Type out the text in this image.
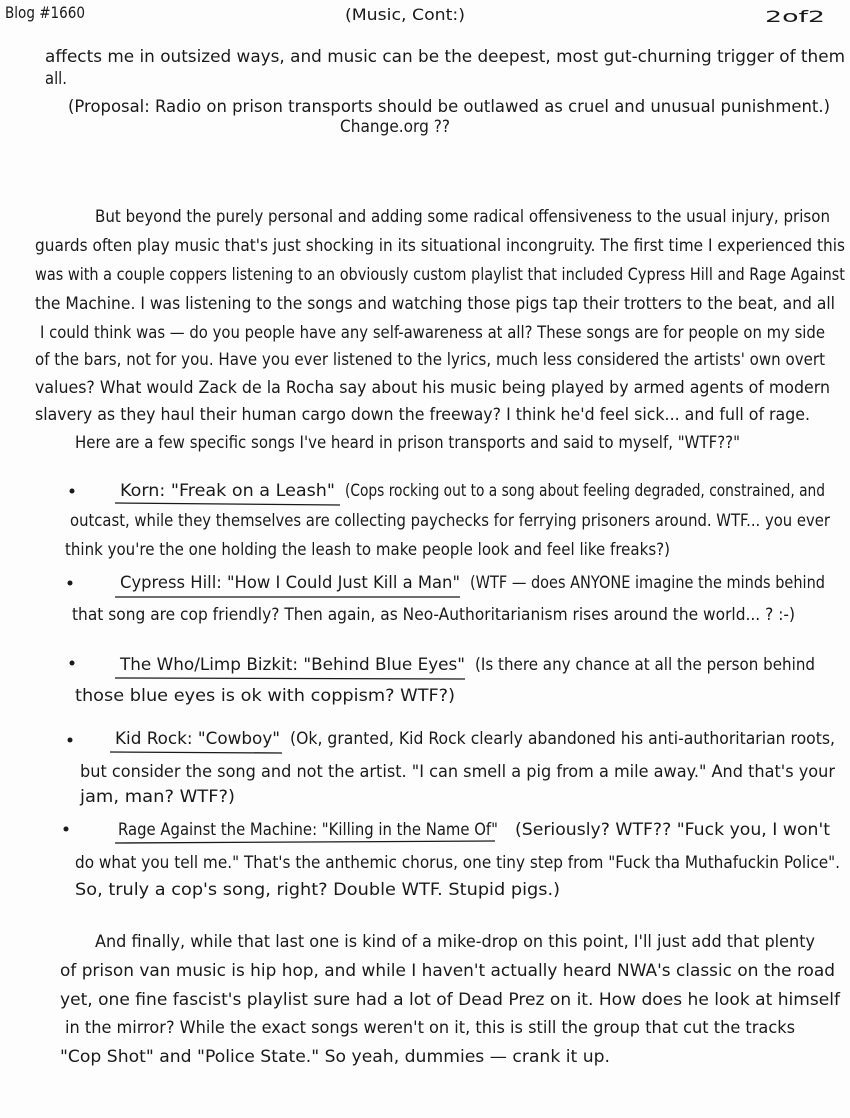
Blog #1660	(Music, Cont:)	2of2
affects me in outsized ways, and music can be the deepest, most gut-churning trigger of them
all.
(Proposal: Radio on prison transports should be outlawed as cruel and unusual punishment.)
Change.org ??
But beyond the purely personal and adding some radical offensiveness to the usual injury, prison
guards often play music that's just shocking in its situational incongruity. The first time I experienced this
was with a couple coppers listening to an obviously custom playlist that included Cypress Hill and Rage Against
the Machine. I was listening to the songs and watching those pigs tap their trotters to the beat, and all
I could think was — do you people have any self-awareness at all? These songs are for people on my side
of the bars, not for you. Have you ever listened to the lyrics, much less considered the artists' own overt
values? What would Zack de la Rocha say about his music being played by armed agents of modern
slavery as they haul their human cargo down the freeway? I think he'd feel sick... and full of rage.
Here are a few specific songs I've heard in prison transports and said to myself, "WTF??"
Korn: "Freak on a Leash" (Cops rocking out to a song about feeling degraded, constrained, and
outcast, while they themselves are collecting paychecks for ferrying prisoners around. WTF... you ever
think you're the one holding the leash to make people look and feel like freaks?)
Cypress Hill: "How I Could Just Kill a Man" (WTF — does ANYONE imagine the minds behind
that song are cop friendly? Then again, as Neo-Authoritarianism rises around the world... ? :-)
The Who/Limp Bizkit: "Behind Blue Eyes" (Is there any chance at all the person behind
those blue eyes is ok with coppism? WTF?)
Kid Rock: "Cowboy" (Ok, granted, Kid Rock clearly abandoned his anti-authoritarian roots,
but consider the song and not the artist. "I can smell a pig from a mile away." And that's your
jam, man? WTF?)
Rage Against the Machine: "Killing in the Name Of" (Seriously? WTF?? "Fuck you, I won't
do what you tell me." That's the anthemic chorus, one tiny step from "Fuck tha Muthafuckin Police".
So, truly a cop's song, right? Double WTF. Stupid pigs.)
And finally, while that last one is kind of a mike-drop on this point, I'll just add that plenty
of prison van music is hip hop, and while I haven't actually heard NWA's classic on the road
yet, one fine fascist's playlist sure had a lot of Dead Prez on it. How does he look at himself
in the mirror? While the exact songs weren't on it, this is still the group that cut the tracks
"Cop Shot" and "Police State." So yeah, dummies — crank it up.
